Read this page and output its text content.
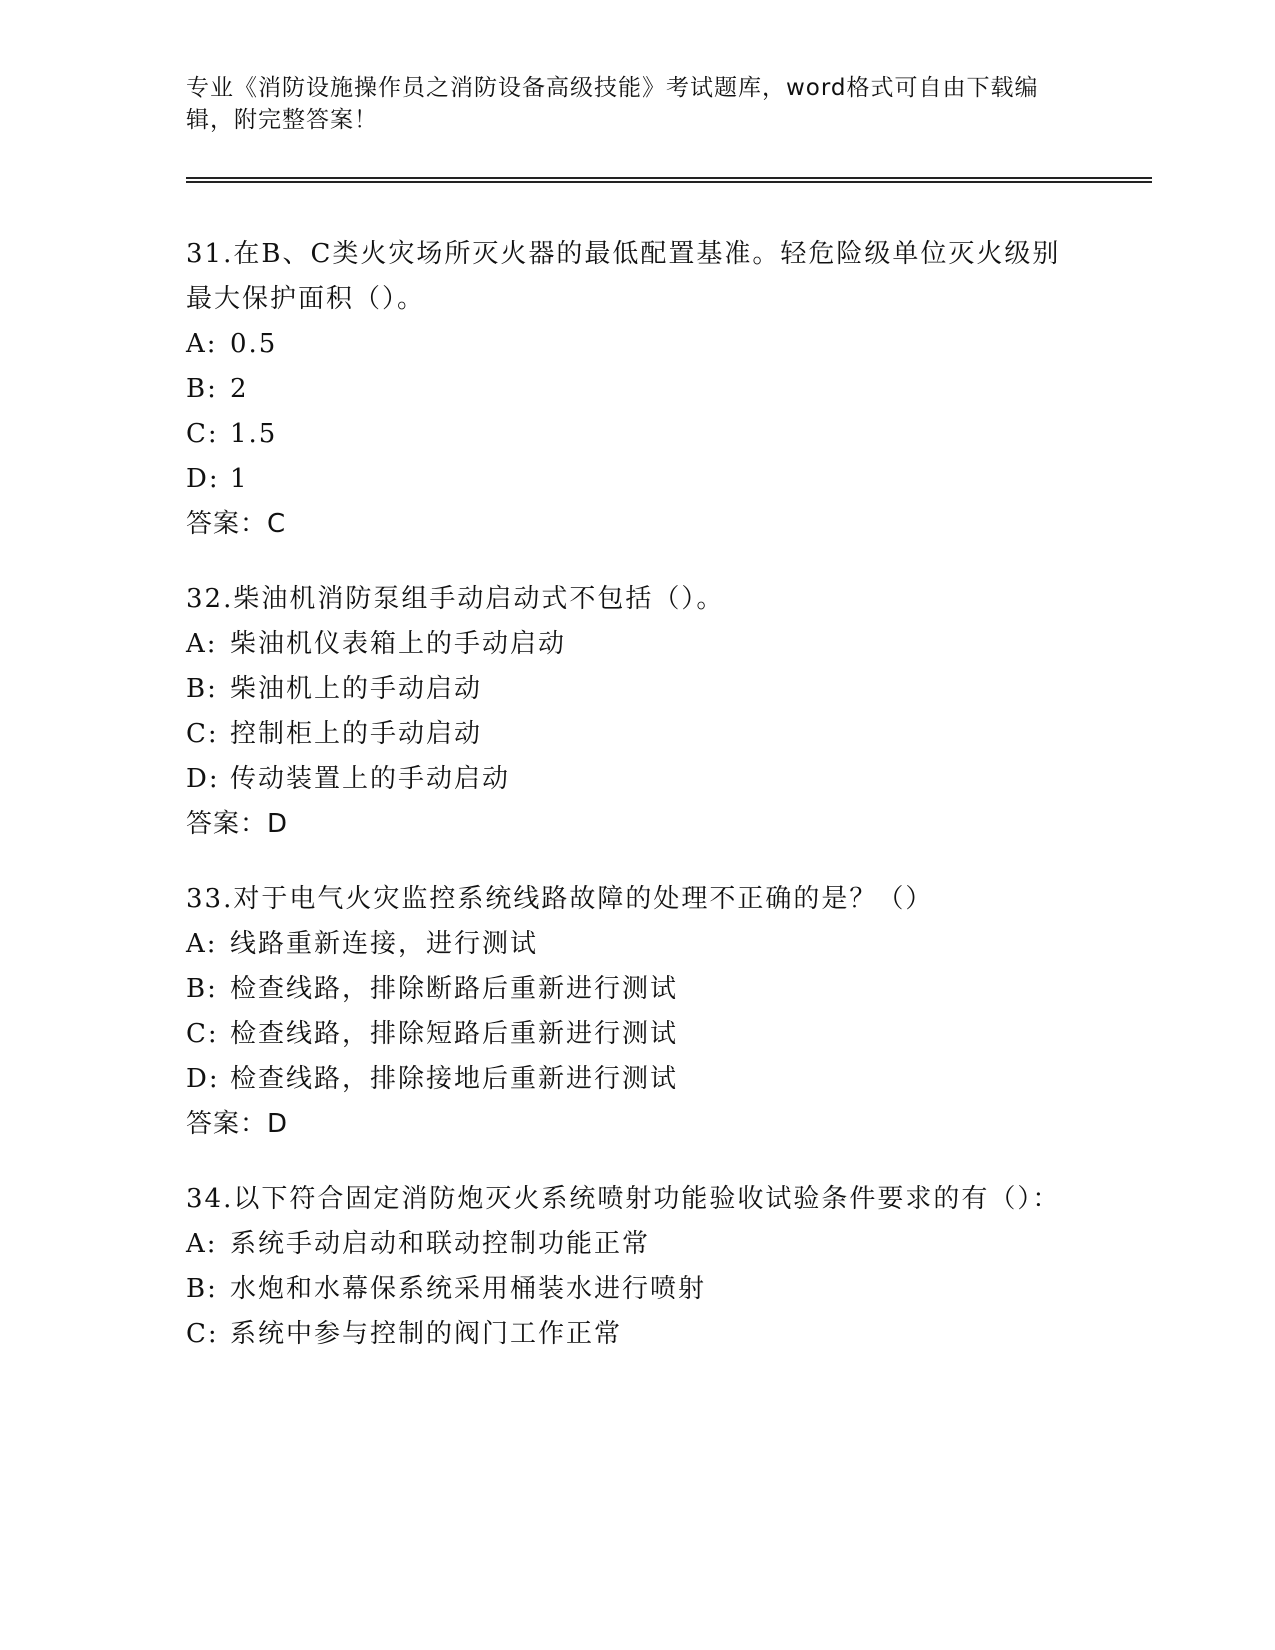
专业《消防设施操作员之消防设备高级技能》考试题库，word格式可自由下载编辑，附完整答案！
31.在B、C类火灾场所灭火器的最低配置基准。轻危险级单位灭火级别最大保护面积（）。
A: 0.5
B: 2
C: 1.5
D: 1
答案：C
32.柴油机消防泵组手动启动式不包括（）。
A: 柴油机仪表箱上的手动启动
B: 柴油机上的手动启动
C: 控制柜上的手动启动
D: 传动装置上的手动启动
答案：D
33.对于电气火灾监控系统线路故障的处理不正确的是？（）
A: 线路重新连接，进行测试
B: 检查线路，排除断路后重新进行测试
C: 检查线路，排除短路后重新进行测试
D: 检查线路，排除接地后重新进行测试
答案：D
34.以下符合固定消防炮灭火系统喷射功能验收试验条件要求的有（）：
A: 系统手动启动和联动控制功能正常
B: 水炮和水幕保系统采用桶装水进行喷射
C: 系统中参与控制的阀门工作正常
